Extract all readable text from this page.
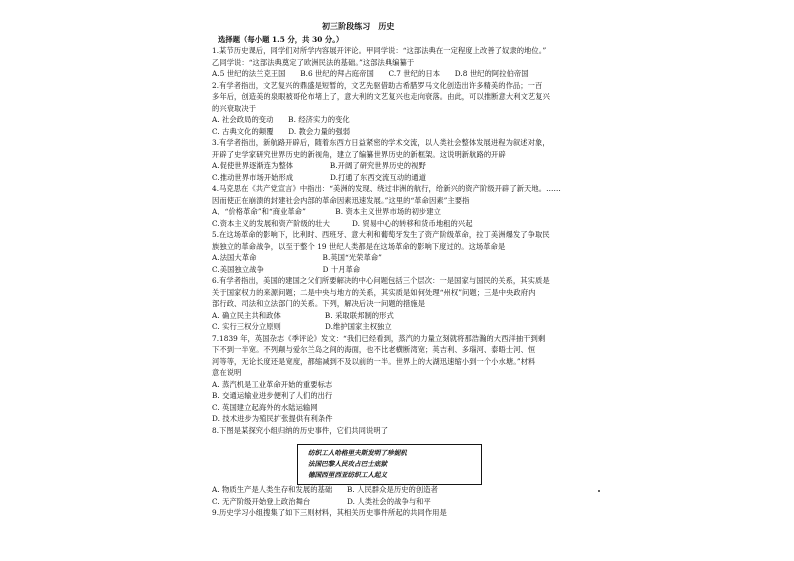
初三阶段练习　历史
选择题（每小题 1.5 分，共 30 分。）
1.某节历史课后，同学们对所学内容展开评论。甲同学说：“这部法典在一定程度上改善了奴隶的地位。”
乙同学说：“这部法典奠定了欧洲民法的基础。”这部法典编纂于
A.5 世纪的法兰克王国　　B.6 世纪的拜占庭帝国　　C.7 世纪的日本　　D.8 世纪的阿拉伯帝国
2.有学者指出，文艺复兴的鼎盛是短暂的，文艺先驱借助古希腊罗马文化创造出许多精美的作品；一百
多年后，创造美的泉眼被哥伦布堵上了，意大利的文艺复兴也走向衰落。由此，可以推断意大利文艺复兴
的兴衰取决于
A. 社会政局的变动　　B. 经济实力的变化
C. 古典文化的颠覆　　D. 教会力量的强弱
3.有学者指出，新航路开辟后，随着东西方日益紧密的学术交流，以人类社会整体发展进程为叙述对象，
开辟了史学家研究世界历史的新视角，建立了编纂世界历史的新框架。这说明新航路的开辟
A.促使世界逐渐连为整体　　　　　B.开阔了研究世界历史的视野
C.推动世界市场开始形成　　　　　D.打通了东西交流互动的通道
4.马克思在《共产党宣言》中指出：“美洲的发现、绕过非洲的航行，给新兴的资产阶级开辟了新天地。……
因而使正在崩溃的封建社会内部的革命因素迅速发展。”这里的“革命因素”主要指
A．“价格革命”和“商业革命”　　　　B. 资本主义世界市场的初步建立
C.资本主义的发展和资产阶级的壮大　　　D. 贸易中心的转移和货币地租的兴起
5.在这场革命的影响下，比利时、西班牙、意大利和葡萄牙发生了资产阶级革命，拉丁美洲爆发了争取民
族独立的革命战争，以至于整个 19 世纪人类都是在这场革命的影响下度过的。这场革命是
A.法国大革命　　　　　　　　　B.英国“光荣革命”
C.美国独立战争　　　　　　　　D 十月革命
6.有学者指出，美国的建国之父们所要解决的中心问题包括三个层次：一是国家与国民的关系，其实质是
关于国家权力的来源问题；二是中央与地方的关系，其实质是如何处理“州权”问题；三是中央政府内
部行政、司法和立法部门的关系。下列，解决后决一问题的措施是
A. 确立民主共和政体　　　　　　B. 采取联邦制的形式
C. 实行三权分立原则　　　　　　D.维护国家主权独立
7.1839 年，英国杂志《季评论》发文：“我们已经看到，蒸汽的力量立刻就将那浩瀚的大西洋抽干到剩
下不到一半宽。不列颠与爱尔兰岛之间的海面，也不比老横断湾宽；英吉利、多瑙河、泰晤士河、恒
河等等，无论长度还是宽度，都缩减到不及以前的一半。世界上的大湖迅速缩小到一个小水塘。”材料
意在说明
A. 蒸汽机是工业革命开始的重要标志
B. 交通运输业进步便利了人们的出行
C. 英国建立起海外的水陆运输网
D. 技术进步为殖民扩张提供有利条件
8.下图是某探究小组归纳的历史事件，它们共同说明了
纺织工人哈格里夫斯发明了珍妮机
法国巴黎人民攻占巴士底狱
德国西里西亚纺织工人起义
A. 物质生产是人类生存和发展的基础　　B. 人民群众是历史的创造者
C. 无产阶级开始登上政治舞台　　　　　D. 人类社会的战争与和平
9.历史学习小组搜集了如下三则材料，其相关历史事件所起的共同作用是
